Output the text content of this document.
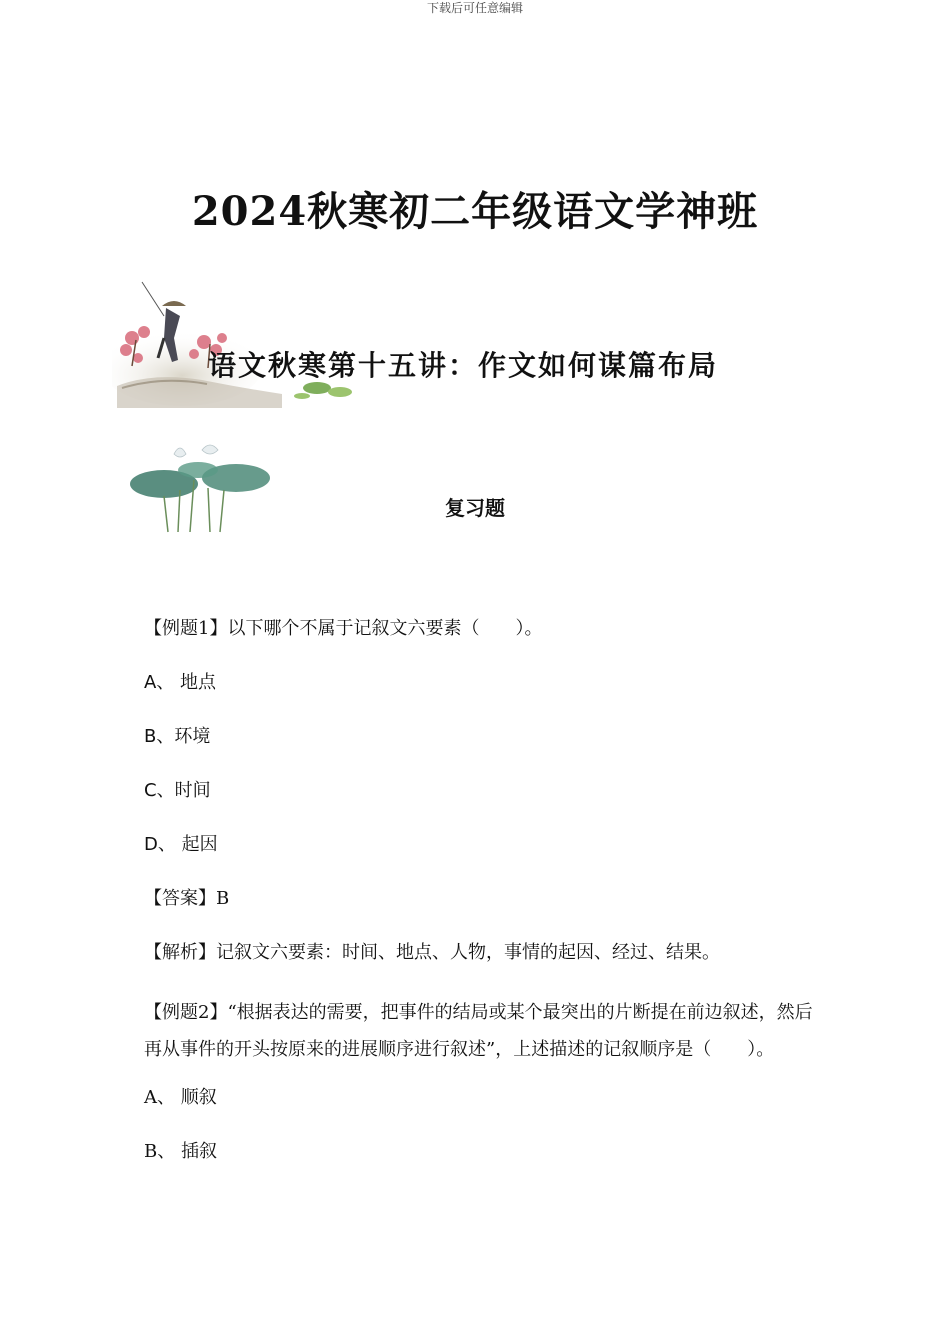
下载后可任意编辑
2024秋寒初二年级语文学神班
语文秋寒第十五讲：作文如何谋篇布局
复习题
【例题1】以下哪个不属于记叙文六要素（　　）。
A、 地点
B、环境
C、时间
D、 起因
【答案】B
【解析】记叙文六要素：时间、地点、人物，事情的起因、经过、结果。
【例题2】“根据表达的需要，把事件的结局或某个最突出的片断提在前边叙述，然后再从事件的开头按原来的进展顺序进行叙述”，上述描述的记叙顺序是（　　）。
A、 顺叙
B、 插叙
